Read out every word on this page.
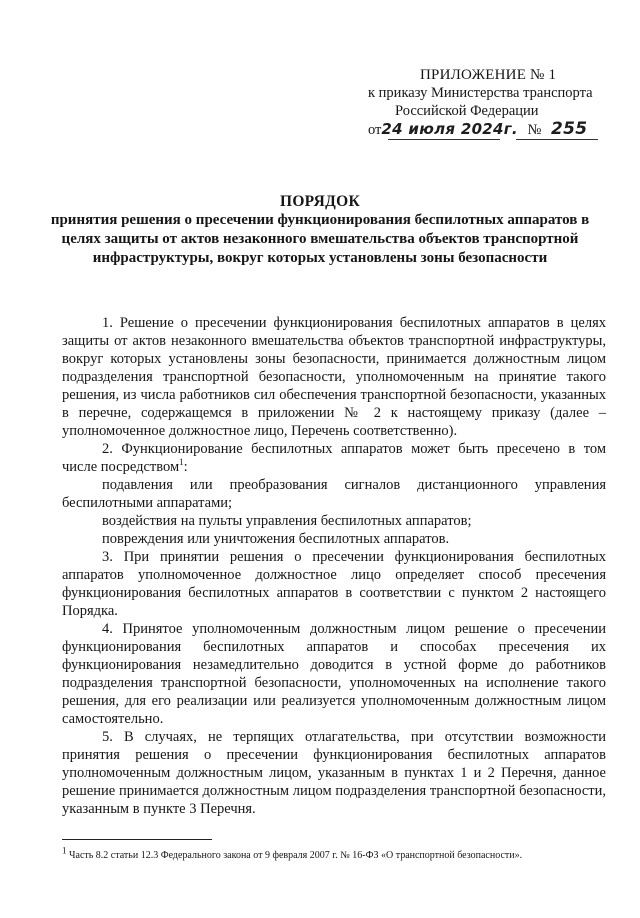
ПРИЛОЖЕНИЕ № 1
к приказу Министерства транспорта
Российской Федерации
от24 июля 2024г. № 255
ПОРЯДОК
принятия решения о пресечении функционирования беспилотных аппаратов в целях защиты от актов незаконного вмешательства объектов транспортной инфраструктуры, вокруг которых установлены зоны безопасности

1. Решение о пресечении функционирования беспилотных аппаратов в целях защиты от актов незаконного вмешательства объектов транспортной инфраструктуры, вокруг которых установлены зоны безопасности, принимается должностным лицом подразделения транспортной безопасности, уполномоченным на принятие такого решения, из числа работников сил обеспечения транспортной безопасности, указанных в перечне, содержащемся в приложении № 2 к настоящему приказу (далее – уполномоченное должностное лицо, Перечень соответственно).

2. Функционирование беспилотных аппаратов может быть пресечено в том числе посредством$^1$:

подавления или преобразования сигналов дистанционного управления беспилотными аппаратами;

воздействия на пульты управления беспилотных аппаратов;

повреждения или уничтожения беспилотных аппаратов.

3. При принятии решения о пресечении функционирования беспилотных аппаратов уполномоченное должностное лицо определяет способ пресечения функционирования беспилотных аппаратов в соответствии с пунктом 2 настоящего Порядка.

4. Принятое уполномоченным должностным лицом решение о пресечении функционирования беспилотных аппаратов и способах пресечения их функционирования незамедлительно доводится в устной форме до работников подразделения транспортной безопасности, уполномоченных на исполнение такого решения, для его реализации или реализуется уполномоченным должностным лицом самостоятельно.

5. В случаях, не терпящих отлагательства, при отсутствии возможности принятия решения о пресечении функционирования беспилотных аппаратов уполномоченным должностным лицом, указанным в пунктах 1 и 2 Перечня, данное решение принимается должностным лицом подразделения транспортной безопасности, указанным в пункте 3 Перечня.

$^1$ Часть 8.2 статьи 12.3 Федерального закона от 9 февраля 2007 г. № 16-ФЗ «О транспортной безопасности».
